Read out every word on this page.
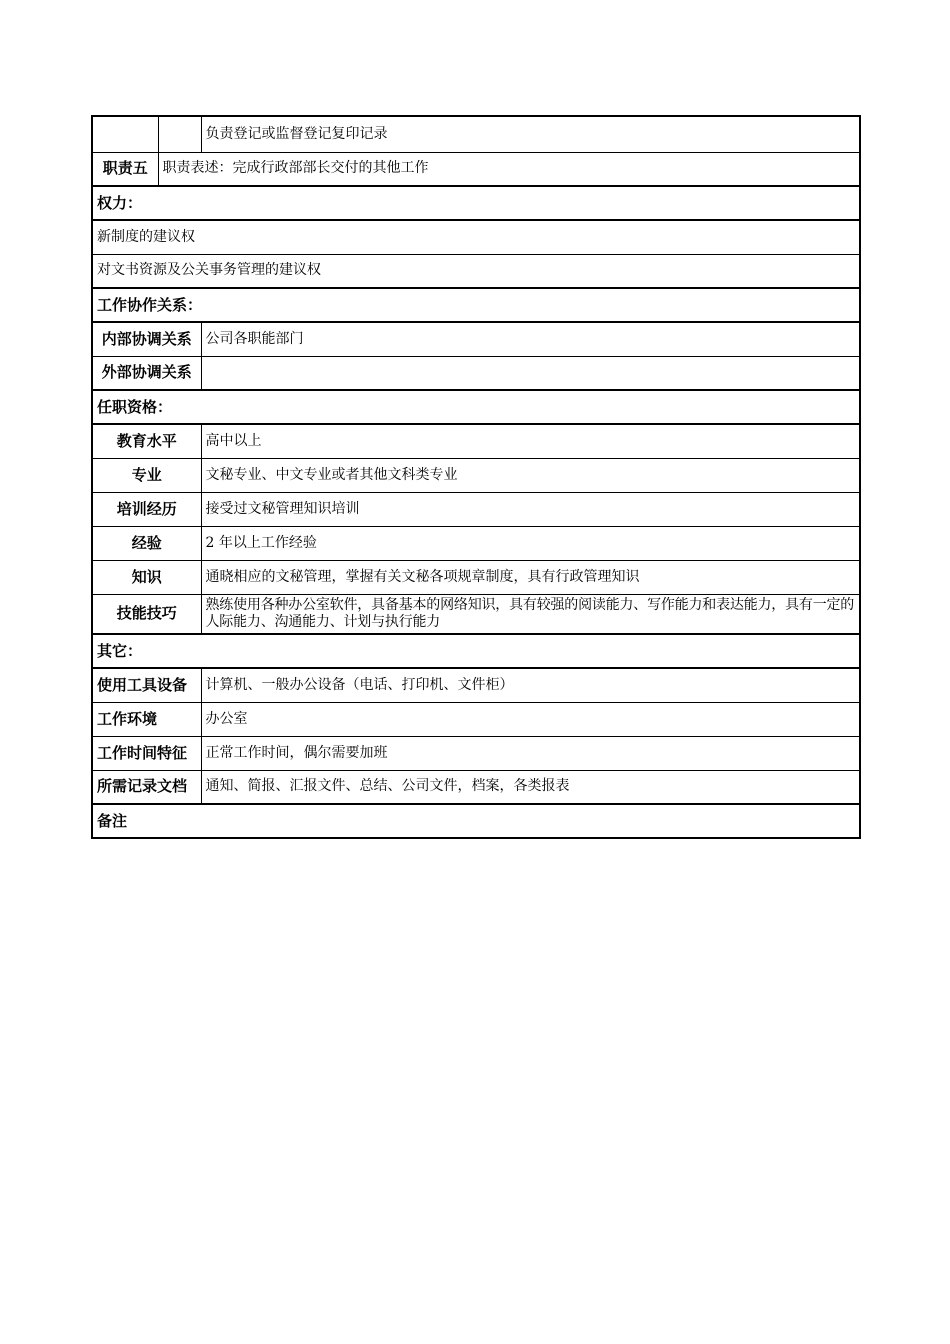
		负责登记或监督登记复印记录
职责五	职责表述：完成行政部部长交付的其他工作	
权力：		
新制度的建议权		
对文书资源及公关事务管理的建议权		
工作协作关系：		
内部协调关系		公司各职能部门
外部协调关系		
任职资格：		
教育水平		高中以上
专业		文秘专业、中文专业或者其他文科类专业
培训经历		接受过文秘管理知识培训
经验		2 年以上工作经验
知识		通晓相应的文秘管理，掌握有关文秘各项规章制度，具有行政管理知识
技能技巧		熟练使用各种办公室软件，具备基本的网络知识，具有较强的阅读能力、写作能力和表达能力，具有一定的人际能力、沟通能力、计划与执行能力
其它：		
使用工具设备		计算机、一般办公设备（电话、打印机、文件柜）
工作环境		办公室
工作时间特征		正常工作时间，偶尔需要加班
所需记录文档		通知、简报、汇报文件、总结、公司文件，档案，各类报表
备注		
